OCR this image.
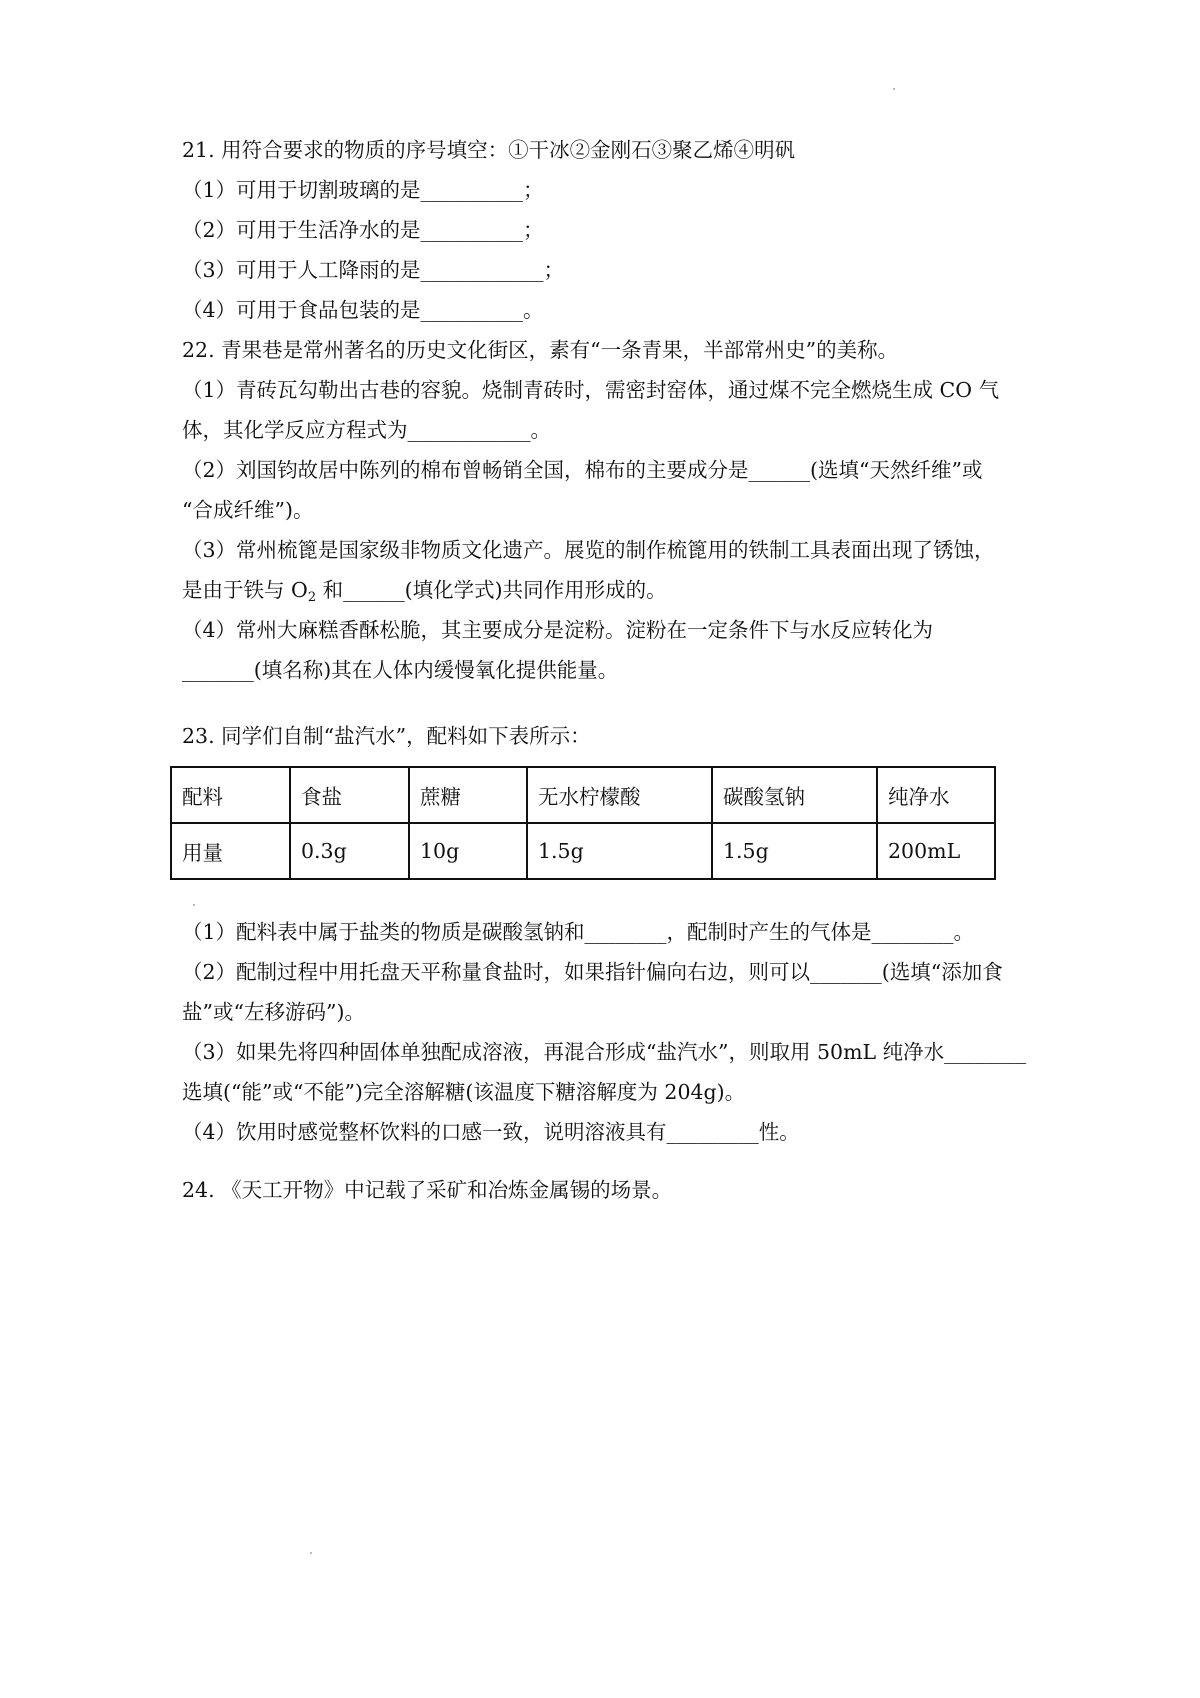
21. 用符合要求的物质的序号填空：①干冰②金刚石③聚乙烯④明矾
（1）可用于切割玻璃的是__________；
（2）可用于生活净水的是__________；
（3）可用于人工降雨的是____________；
（4）可用于食品包装的是__________。
22. 青果巷是常州著名的历史文化街区，素有“一条青果，半部常州史”的美称。
（1）青砖瓦勾勒出古巷的容貌。烧制青砖时，需密封窑体，通过煤不完全燃烧生成 CO 气
体，其化学反应方程式为____________。
（2）刘国钧故居中陈列的棉布曾畅销全国，棉布的主要成分是______(选填“天然纤维”或
“合成纤维”)。
（3）常州梳篦是国家级非物质文化遗产。展览的制作梳篦用的铁制工具表面出现了锈蚀，
是由于铁与 $O_2$ 和______(填化学式)共同作用形成的。
（4）常州大麻糕香酥松脆，其主要成分是淀粉。淀粉在一定条件下与水反应转化为
_______(填名称)其在人体内缓慢氧化提供能量。
23. 同学们自制“盐汽水”，配料如下表所示：
配料	食盐	蔗糖	无水柠檬酸	碳酸氢钠	纯净水
用量	0.3g	10g	1.5g	1.5g	200mL
（1）配料表中属于盐类的物质是碳酸氢钠和________，配制时产生的气体是________。
（2）配制过程中用托盘天平称量食盐时，如果指针偏向右边，则可以_______(选填“添加食
盐”或“左移游码”)。
（3）如果先将四种固体单独配成溶液，再混合形成“盐汽水”，则取用 50mL 纯净水________
选填(“能”或“不能”)完全溶解糖(该温度下糖溶解度为 204g)。
（4）饮用时感觉整杯饮料的口感一致，说明溶液具有_________性。
24. 《天工开物》中记载了采矿和冶炼金属锡的场景。
